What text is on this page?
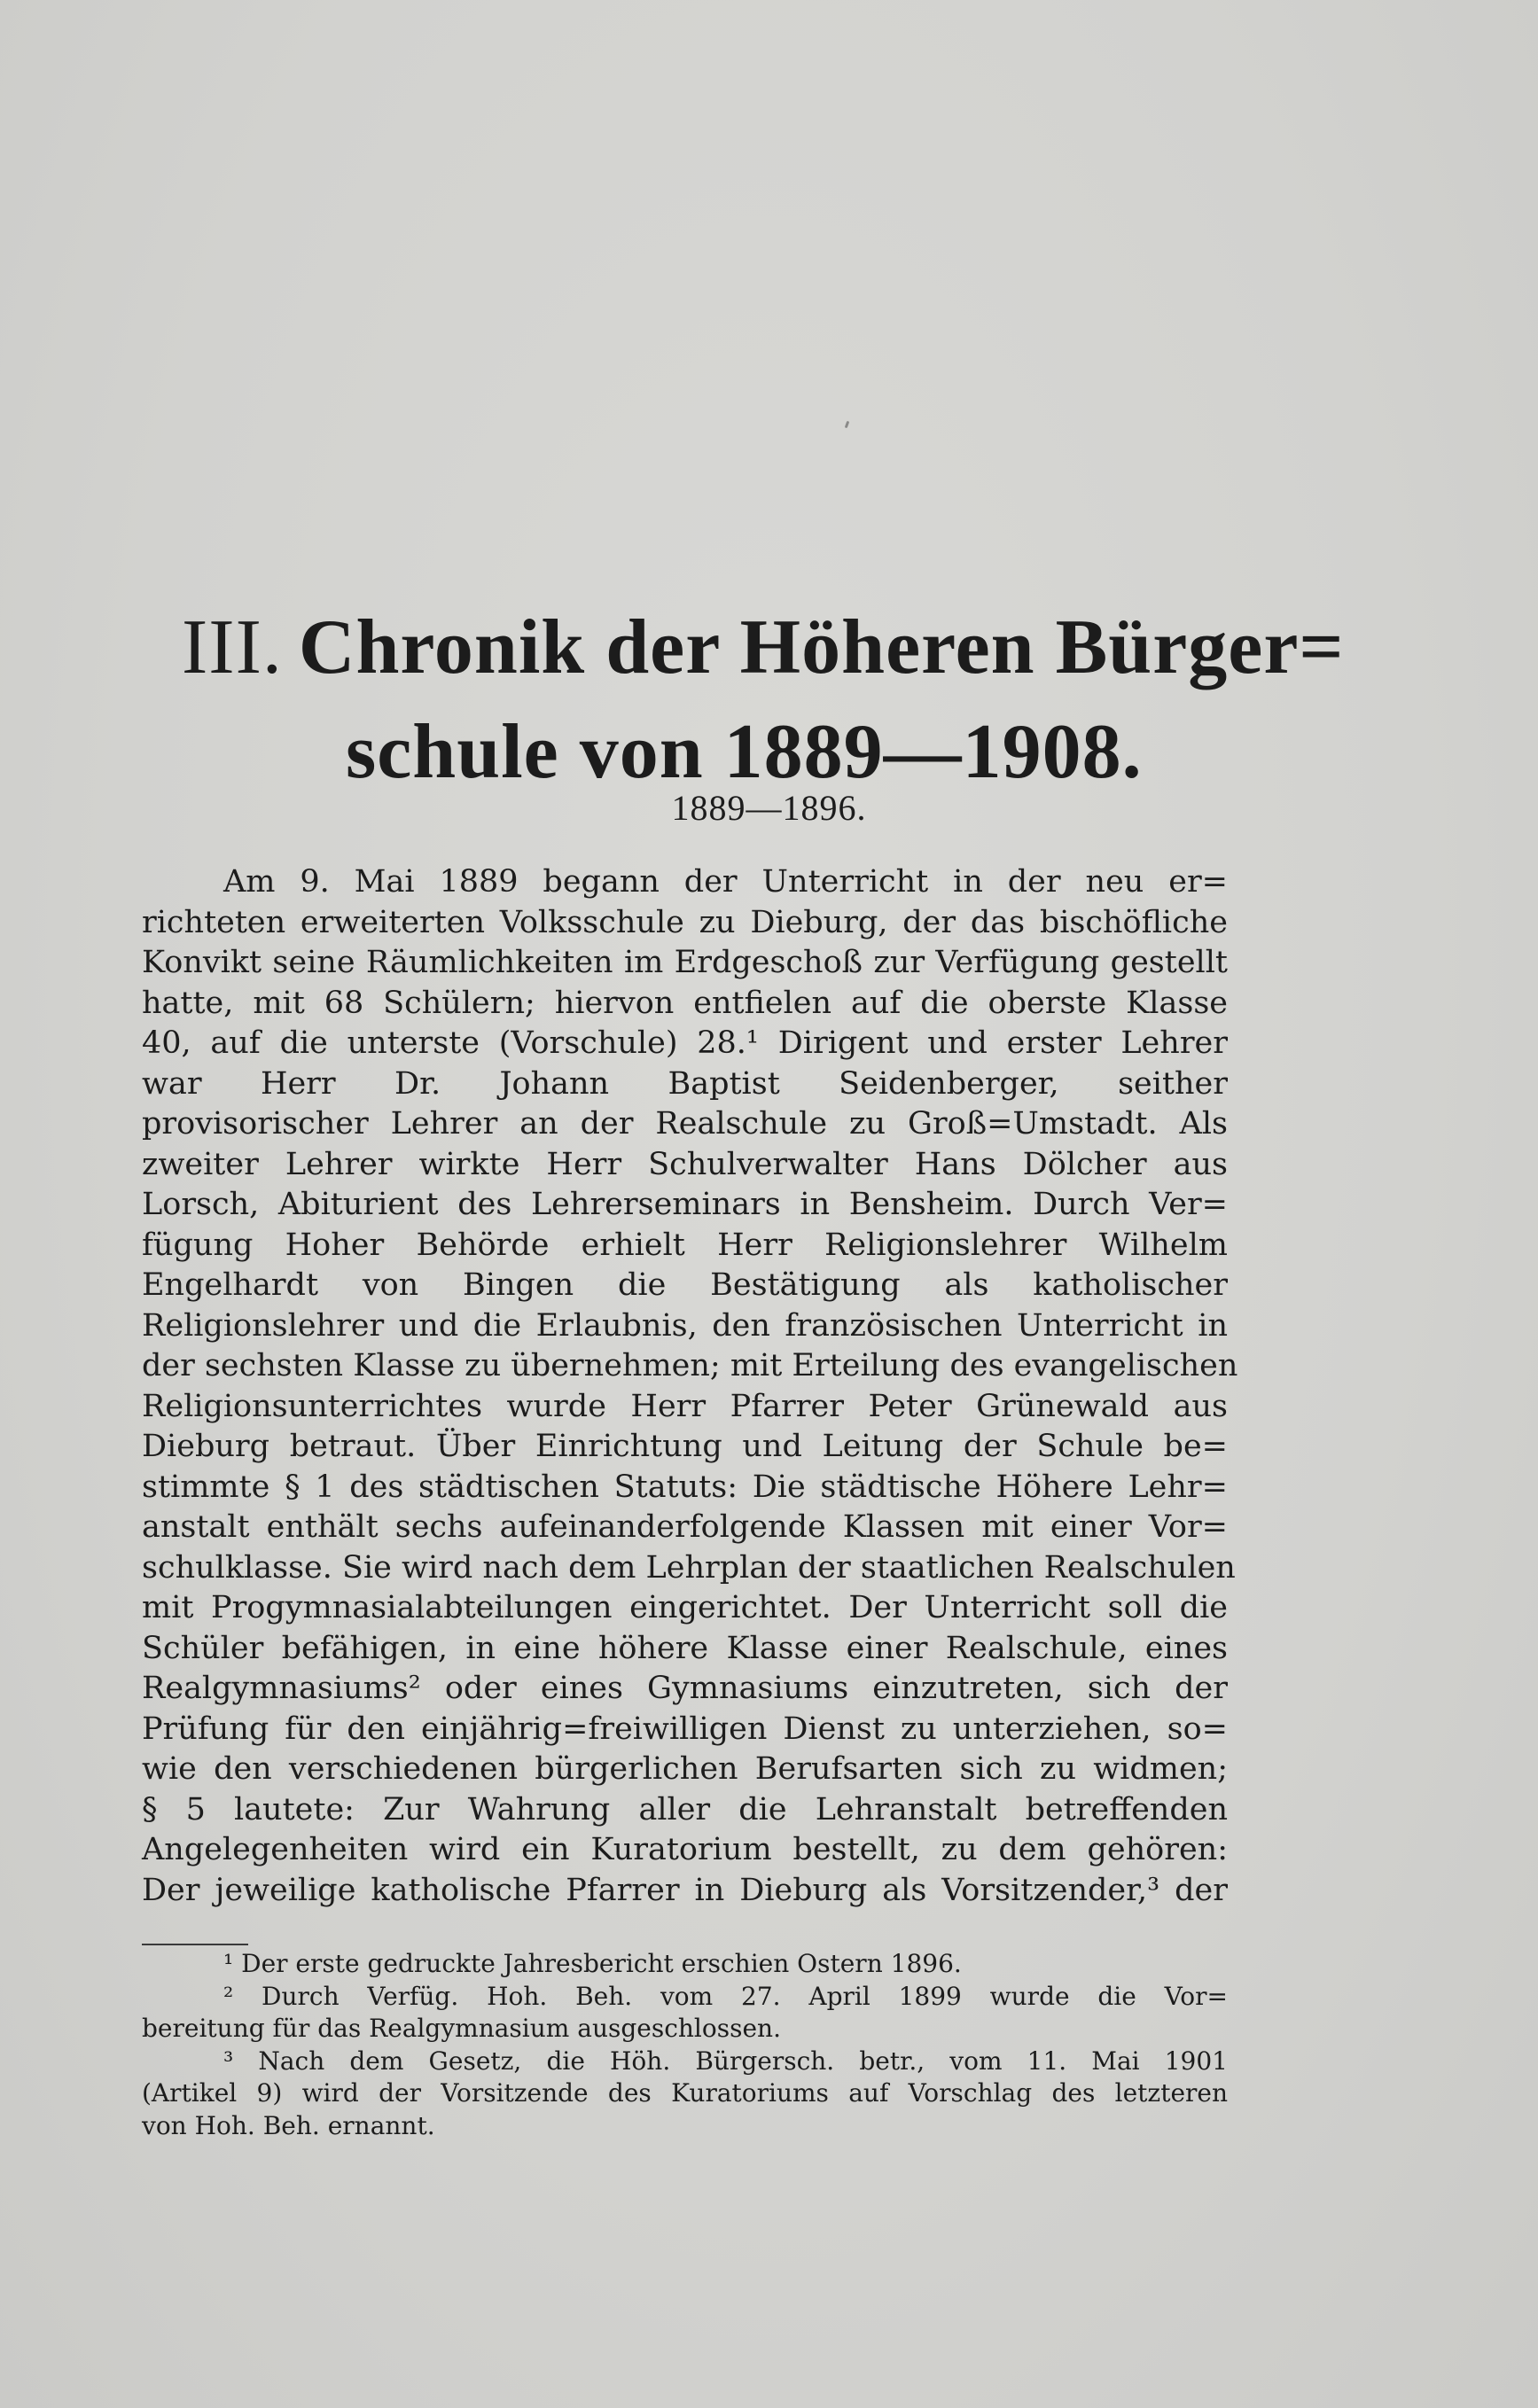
III. Chronik der Höheren Bürger=
schule von 1889—1908.
1889—1896.
Am 9. Mai 1889 begann der Unterricht in der neu er=
richteten erweiterten Volksschule zu Dieburg, der das bischöfliche
Konvikt seine Räumlichkeiten im Erdgeschoß zur Verfügung gestellt
hatte, mit 68 Schülern; hiervon entfielen auf die oberste Klasse
40, auf die unterste (Vorschule) 28.¹ Dirigent und erster Lehrer
war Herr Dr. Johann Baptist Seidenberger, seither
provisorischer Lehrer an der Realschule zu Groß=Umstadt. Als
zweiter Lehrer wirkte Herr Schulverwalter Hans Dölcher aus
Lorsch, Abiturient des Lehrerseminars in Bensheim. Durch Ver=
fügung Hoher Behörde erhielt Herr Religionslehrer Wilhelm
Engelhardt von Bingen die Bestätigung als katholischer
Religionslehrer und die Erlaubnis, den französischen Unterricht in
der sechsten Klasse zu übernehmen; mit Erteilung des evangelischen
Religionsunterrichtes wurde Herr Pfarrer Peter Grünewald aus
Dieburg betraut. Über Einrichtung und Leitung der Schule be=
stimmte § 1 des städtischen Statuts: Die städtische Höhere Lehr=
anstalt enthält sechs aufeinanderfolgende Klassen mit einer Vor=
schulklasse. Sie wird nach dem Lehrplan der staatlichen Realschulen
mit Progymnasialabteilungen eingerichtet. Der Unterricht soll die
Schüler befähigen, in eine höhere Klasse einer Realschule, eines
Realgymnasiums² oder eines Gymnasiums einzutreten, sich der
Prüfung für den einjährig=freiwilligen Dienst zu unterziehen, so=
wie den verschiedenen bürgerlichen Berufsarten sich zu widmen;
§ 5 lautete: Zur Wahrung aller die Lehranstalt betreffenden
Angelegenheiten wird ein Kuratorium bestellt, zu dem gehören:
Der jeweilige katholische Pfarrer in Dieburg als Vorsitzender,³ der
¹ Der erste gedruckte Jahresbericht erschien Ostern 1896.
² Durch Verfüg. Hoh. Beh. vom 27. April 1899 wurde die Vor=
bereitung für das Realgymnasium ausgeschlossen.
³ Nach dem Gesetz, die Höh. Bürgersch. betr., vom 11. Mai 1901
(Artikel 9) wird der Vorsitzende des Kuratoriums auf Vorschlag des letzteren
von Hoh. Beh. ernannt.
